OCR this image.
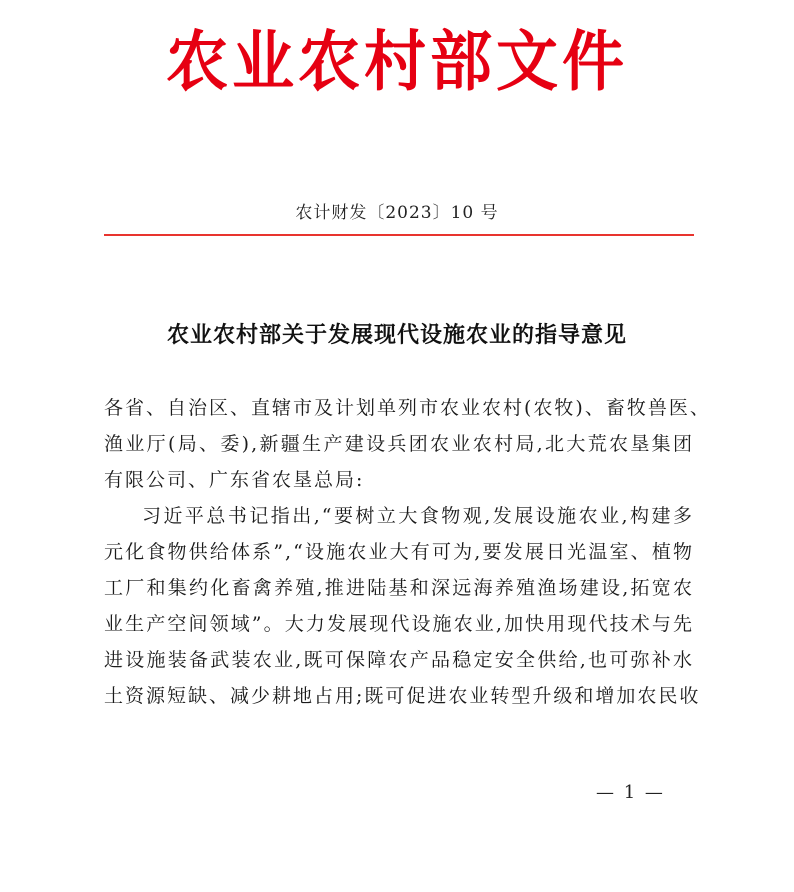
农业农村部文件
农计财发〔2023〕10 号
农业农村部关于发展现代设施农业的指导意见
各省、自治区、直辖市及计划单列市农业农村(农牧)、畜牧兽医、
渔业厅(局、委),新疆生产建设兵团农业农村局,北大荒农垦集团
有限公司、广东省农垦总局:
习近平总书记指出,“要树立大食物观,发展设施农业,构建多
元化食物供给体系”,“设施农业大有可为,要发展日光温室、植物
工厂和集约化畜禽养殖,推进陆基和深远海养殖渔场建设,拓宽农
业生产空间领域”。大力发展现代设施农业,加快用现代技术与先
进设施装备武装农业,既可保障农产品稳定安全供给,也可弥补水
土资源短缺、减少耕地占用;既可促进农业转型升级和增加农民收
— 1 —
